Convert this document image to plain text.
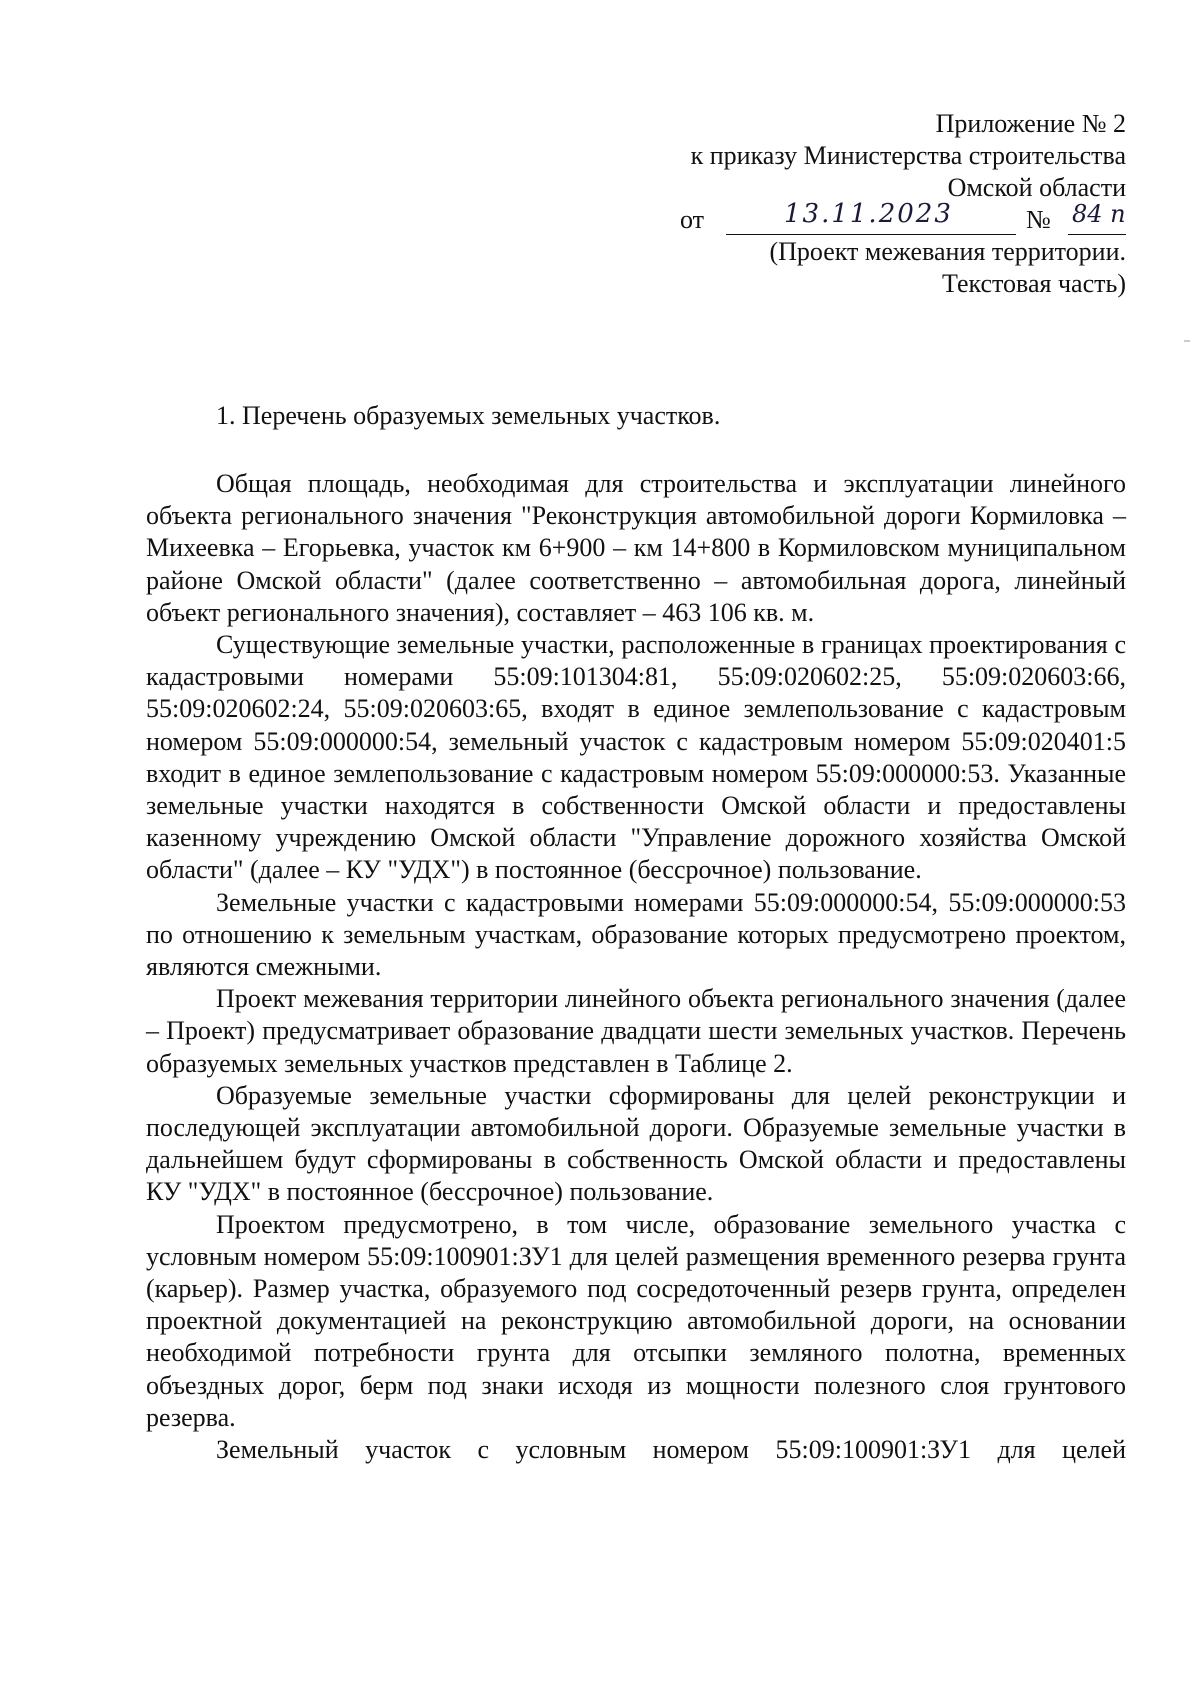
Приложение № 2
к приказу Министерства строительства
Омской области
от	13.11.2023	№ 84 п
(Проект межевания территории.
Текстовая часть)
1. Перечень образуемых земельных участков.

Общая площадь, необходимая для строительства и эксплуатации линейного объекта регионального значения "Реконструкция автомобильной дороги Кормиловка – Михеевка – Егорьевка, участок км 6+900 – км 14+800 в Кормиловском муниципальном районе Омской области" (далее соответственно – автомобильная дорога, линейный объект регионального значения), составляет – 463 106 кв. м.

Существующие земельные участки, расположенные в границах проектирования с кадастровыми номерами 55:09:101304:81, 55:09:020602:25, 55:09:020603:66, 55:09:020602:24, 55:09:020603:65, входят в единое землепользование с кадастровым номером 55:09:000000:54, земельный участок с кадастровым номером 55:09:020401:5 входит в единое землепользование с кадастровым номером 55:09:000000:53. Указанные земельные участки находятся в собственности Омской области и предоставлены казенному учреждению Омской области "Управление дорожного хозяйства Омской области" (далее – КУ "УДХ") в постоянное (бессрочное) пользование.

Земельные участки с кадастровыми номерами 55:09:000000:54, 55:09:000000:53 по отношению к земельным участкам, образование которых предусмотрено проектом, являются смежными.

Проект межевания территории линейного объекта регионального значения (далее – Проект) предусматривает образование двадцати шести земельных участков. Перечень образуемых земельных участков представлен в Таблице 2.

Образуемые земельные участки сформированы для целей реконструкции и последующей эксплуатации автомобильной дороги. Образуемые земельные участки в дальнейшем будут сформированы в собственность Омской области и предоставлены КУ "УДХ" в постоянное (бессрочное) пользование.

Проектом предусмотрено, в том числе, образование земельного участка с условным номером 55:09:100901:ЗУ1 для целей размещения временного резерва грунта (карьер). Размер участка, образуемого под сосредоточенный резерв грунта, определен проектной документацией на реконструкцию автомобильной дороги, на основании необходимой потребности грунта для отсыпки земляного полотна, временных объездных дорог, берм под знаки исходя из мощности полезного слоя грунтового резерва.

Земельный участок с условным номером 55:09:100901:ЗУ1 для целей
